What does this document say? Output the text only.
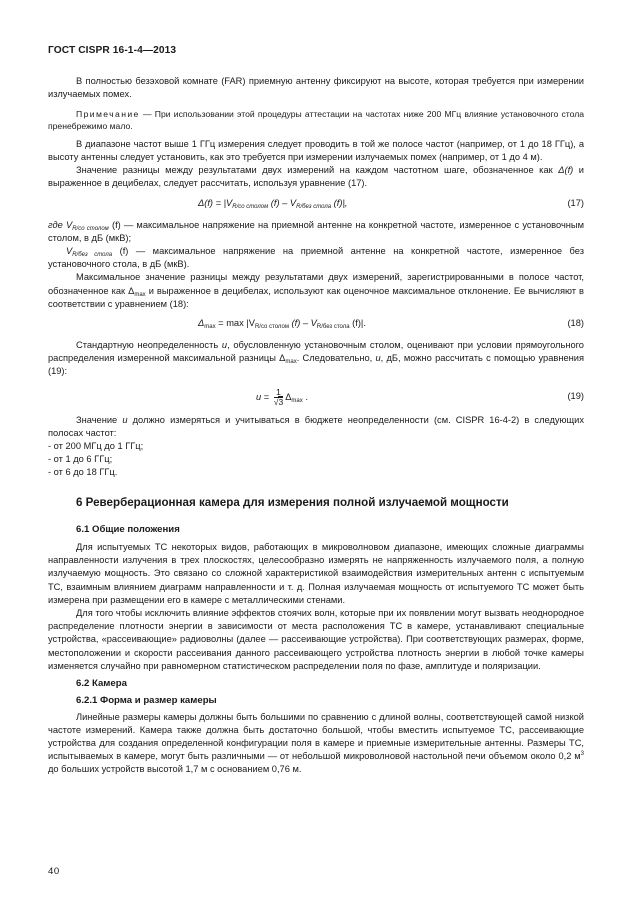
ГОСТ CISPR 16-1-4—2013

В полностью безэховой комнате (FAR) приемную антенну фиксируют на высоте, которая требуется при измерении излучаемых помех.

Примечание — При использовании этой процедуры аттестации на частотах ниже 200 МГц влияние установочного стола пренебрежимо мало.

В диапазоне частот выше 1 ГГц измерения следует проводить в той же полосе частот (например, от 1 до 18 ГГц), а высоту антенны следует установить, как это требуется при измерении излучаемых помех (например, от 1 до 4 м).

Значение разницы между результатами двух измерений на каждом частотном шаге, обозначенное как Δ(f) и выраженное в децибелах, следует рассчитать, используя уравнение (17).

$\Delta(f) = |V_{R/со столом}$ $(f) - V_{R/без стола}$ (f)|,	(17)

где $V_{R/со столом}$ (f) — максимальное напряжение на приемной антенне на конкретной частоте, измеренное с установочным столом, в дБ (мкВ);

$V_{R/без стола}$ (f) — максимальное напряжение на приемной антенне на конкретной частоте, измеренное без установочного стола, в дБ (мкВ).

Максимальное значение разницы между результатами двух измерений, зарегистрированными в полосе частот, обозначенное как $\Delta_{max}$ и выраженное в децибелах, используют как оценочное максимальное отклонение. Ее вычисляют в соответствии с уравнением (18):

$\Delta_{max} = \max |V_{R/со столом}$ $(f) - V_{R/без стола}$ (f)|.	(18)

Стандартную неопределенность u, обусловленную установочным столом, оценивают при условии прямоугольного распределения измеренной максимальной разницы $\Delta_{max}$. Следовательно, u, дБ, можно рассчитать с помощью уравнения (19):

$u = \frac{1}{√3} \Delta_{max}$ .	(19)

Значение u должно измеряться и учитываться в бюджете неопределенности (см. CISPR 16-4-2) в следующих полосах частот:

- от 200 МГц до 1 ГГц;

- от 1 до 6 ГГц;

- от 6 до 18 ГГц.

6 Реверберационная камера для измерения полной излучаемой мощности
6.1 Общие положения

Для испытуемых ТС некоторых видов, работающих в микроволновом диапазоне, имеющих сложные диаграммы направленности излучения в трех плоскостях, целесообразно измерять не напряженность излучаемого поля, а полную излучаемую мощность. Это связано со сложной характеристикой взаимодействия измерительных антенн с испытуемым ТС, взаимным влиянием диаграмм направленности и т. д. Полная излучаемая мощность от испытуемого ТС может быть измерена при размещении его в камере с металлическими стенами.

Для того чтобы исключить влияние эффектов стоячих волн, которые при их появлении могут вызвать неоднородное распределение плотности энергии в зависимости от места расположения ТС в камере, устанавливают специальные устройства, «рассеивающие» радиоволны (далее — рассеивающие устройства). При соответствующих размерах, форме, местоположении и скорости рассеивания данного рассеивающего устройства плотность энергии в любой точке камеры изменяется случайно при равномерном статистическом распределении поля по фазе, амплитуде и поляризации.

6.2 Камера
6.2.1 Форма и размер камеры

Линейные размеры камеры должны быть большими по сравнению с длиной волны, соответствующей самой низкой частоте измерений. Камера также должна быть достаточно большой, чтобы вместить испытуемое ТС, рассеивающие устройства для создания определенной конфигурации поля в камере и приемные измерительные антенны. Размеры ТС, испытываемых в камере, могут быть различными — от небольшой микроволновой настольной печи объемом около 0,2 $м^3$ до больших устройств высотой 1,7 м с основанием 0,76 м.

40
